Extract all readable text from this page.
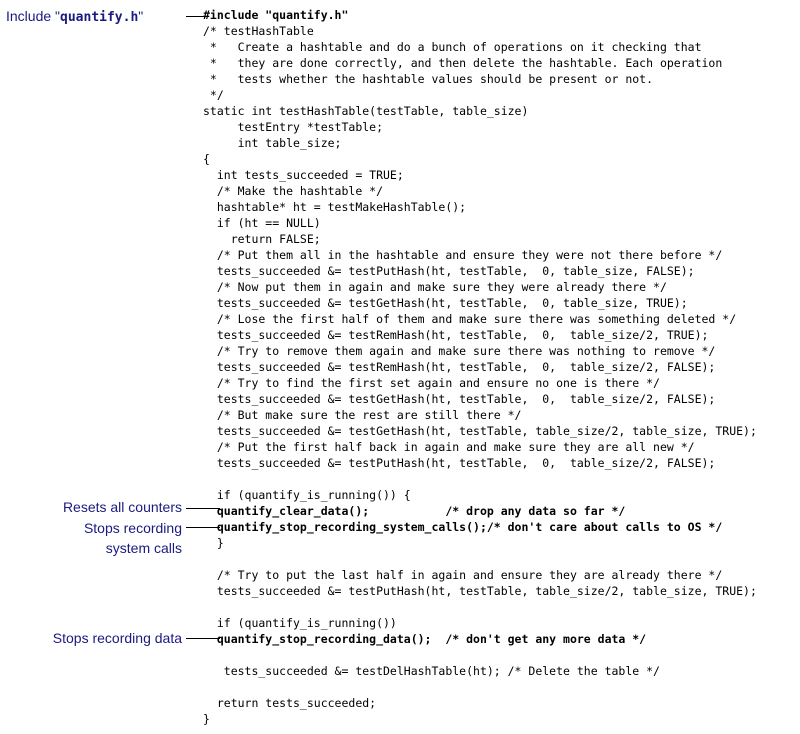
Include "quantify.h"
Resets all counters
Stops recording
system calls
Stops recording data
#include "quantify.h"
/* testHashTable
*   Create a hashtable and do a bunch of operations on it checking that
*   they are done correctly, and then delete the hashtable. Each operation
*   tests whether the hashtable values should be present or not.
*/
static int testHashTable(testTable, table_size)
testEntry *testTable;
int table_size;
{
int tests_succeeded = TRUE;
/* Make the hashtable */
hashtable* ht = testMakeHashTable();
if (ht == NULL)
return FALSE;
/* Put them all in the hashtable and ensure they were not there before */
tests_succeeded &= testPutHash(ht, testTable,  0, table_size, FALSE);
/* Now put them in again and make sure they were already there */
tests_succeeded &= testGetHash(ht, testTable,  0, table_size, TRUE);
/* Lose the first half of them and make sure there was something deleted */
tests_succeeded &= testRemHash(ht, testTable,  0,  table_size/2, TRUE);
/* Try to remove them again and make sure there was nothing to remove */
tests_succeeded &= testRemHash(ht, testTable,  0,  table_size/2, FALSE);
/* Try to find the first set again and ensure no one is there */
tests_succeeded &= testGetHash(ht, testTable,  0,  table_size/2, FALSE);
/* But make sure the rest are still there */
tests_succeeded &= testGetHash(ht, testTable, table_size/2, table_size, TRUE);
/* Put the first half back in again and make sure they are all new */
tests_succeeded &= testPutHash(ht, testTable,  0,  table_size/2, FALSE);
if (quantify_is_running()) {
quantify_clear_data();           /* drop any data so far */
quantify_stop_recording_system_calls();/* don't care about calls to OS */
}
/* Try to put the last half in again and ensure they are already there */
tests_succeeded &= testPutHash(ht, testTable, table_size/2, table_size, TRUE);
if (quantify_is_running())
quantify_stop_recording_data();  /* don't get any more data */
tests_succeeded &= testDelHashTable(ht); /* Delete the table */
return tests_succeeded;
}
